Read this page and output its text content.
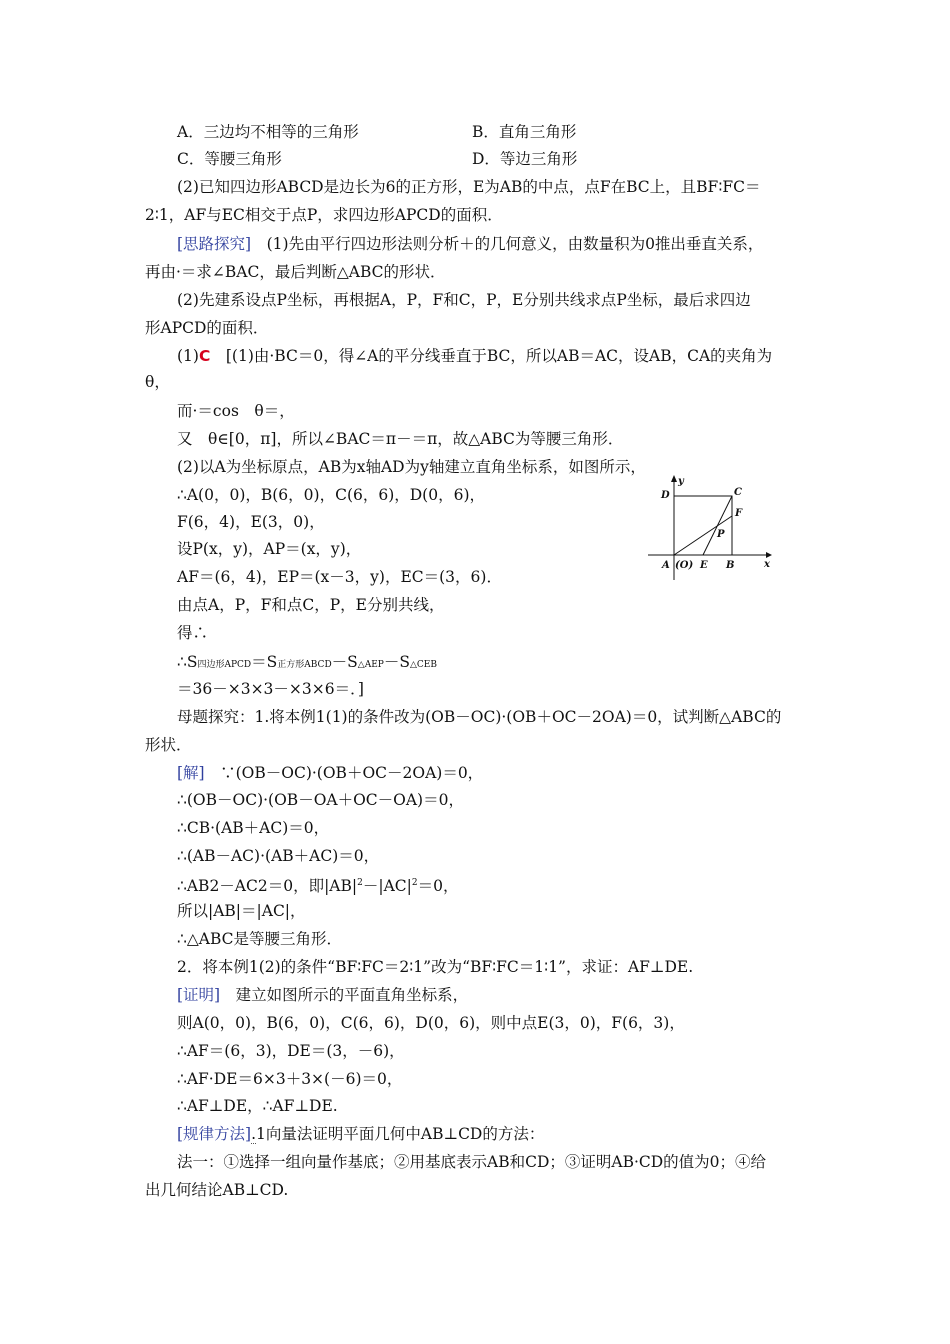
A．三边均不相等的三角形	B．直角三角形
C．等腰三角形	D．等边三角形
(2)已知四边形ABCD是边长为6的正方形，E为AB的中点，点F在BC上，且BF∶FC＝
2∶1，AF与EC相交于点P，求四边形APCD的面积．
[思路探究]　(1)先由平行四边形法则分析＋的几何意义，由数量积为0推出垂直关系，
再由·＝求∠BAC，最后判断△ABC的形状．
(2)先建系设点P坐标，再根据A，P，F和C，P，E分别共线求点P坐标，最后求四边
形APCD的面积．
(1)C　[(1)由·BC＝0，得∠A的平分线垂直于BC，所以AB＝AC，设AB，CA的夹角为
θ，
而·＝cos　θ＝，
又　θ∈[0，π]，所以∠BAC＝π－＝π，故△ABC为等腰三角形．
(2)以A为坐标原点，AB为x轴AD为y轴建立直角坐标系，如图所示，
∴A(0，0)，B(6，0)，C(6，6)，D(0，6)，
F(6，4)，E(3，0)，
设P(x，y)，AP＝(x，y)，
AF＝(6，4)，EP＝(x－3，y)，EC＝(3，6)．
由点A，P，F和点C，P，E分别共线，
得∴
∴S四边形APCD＝S正方形ABCD－S△AEP－S△CEB
＝36－×3×3－×3×6＝．]
y
x
D	C
F
P
A (O) E B
母题探究：1.将本例1(1)的条件改为(OB－OC)·(OB＋OC－2OA)＝0，试判断△ABC的
形状．
[解]　∵(OB－OC)·(OB＋OC－2OA)＝0，
∴(OB－OC)·(OB－OA＋OC－OA)＝0，
∴CB·(AB＋AC)＝0，
∴(AB－AC)·(AB＋AC)＝0，
∴AB2－AC2＝0，即$|AB|^2-|AC|^2=0$，
所以|AB|＝|AC|，
∴△ABC是等腰三角形．
2．将本例1(2)的条件“BF∶FC＝2∶1”改为“BF∶FC＝1∶1”，求证：AF⊥DE.
[证明]　建立如图所示的平面直角坐标系，
则A(0，0)，B(6，0)，C(6，6)，D(0，6)，则中点E(3，0)，F(6，3)，
∴AF＝(6，3)，DE＝(3，－6)，
∴AF·DE＝6×3＋3×(－6)＝0，
∴AF⊥DE，∴AF⊥DE.
[规律方法].1向量法证明平面几何中AB⊥CD的方法：
法一：①选择一组向量作基底；②用基底表示AB和CD；③证明AB·CD的值为0；④给
出几何结论AB⊥CD.
